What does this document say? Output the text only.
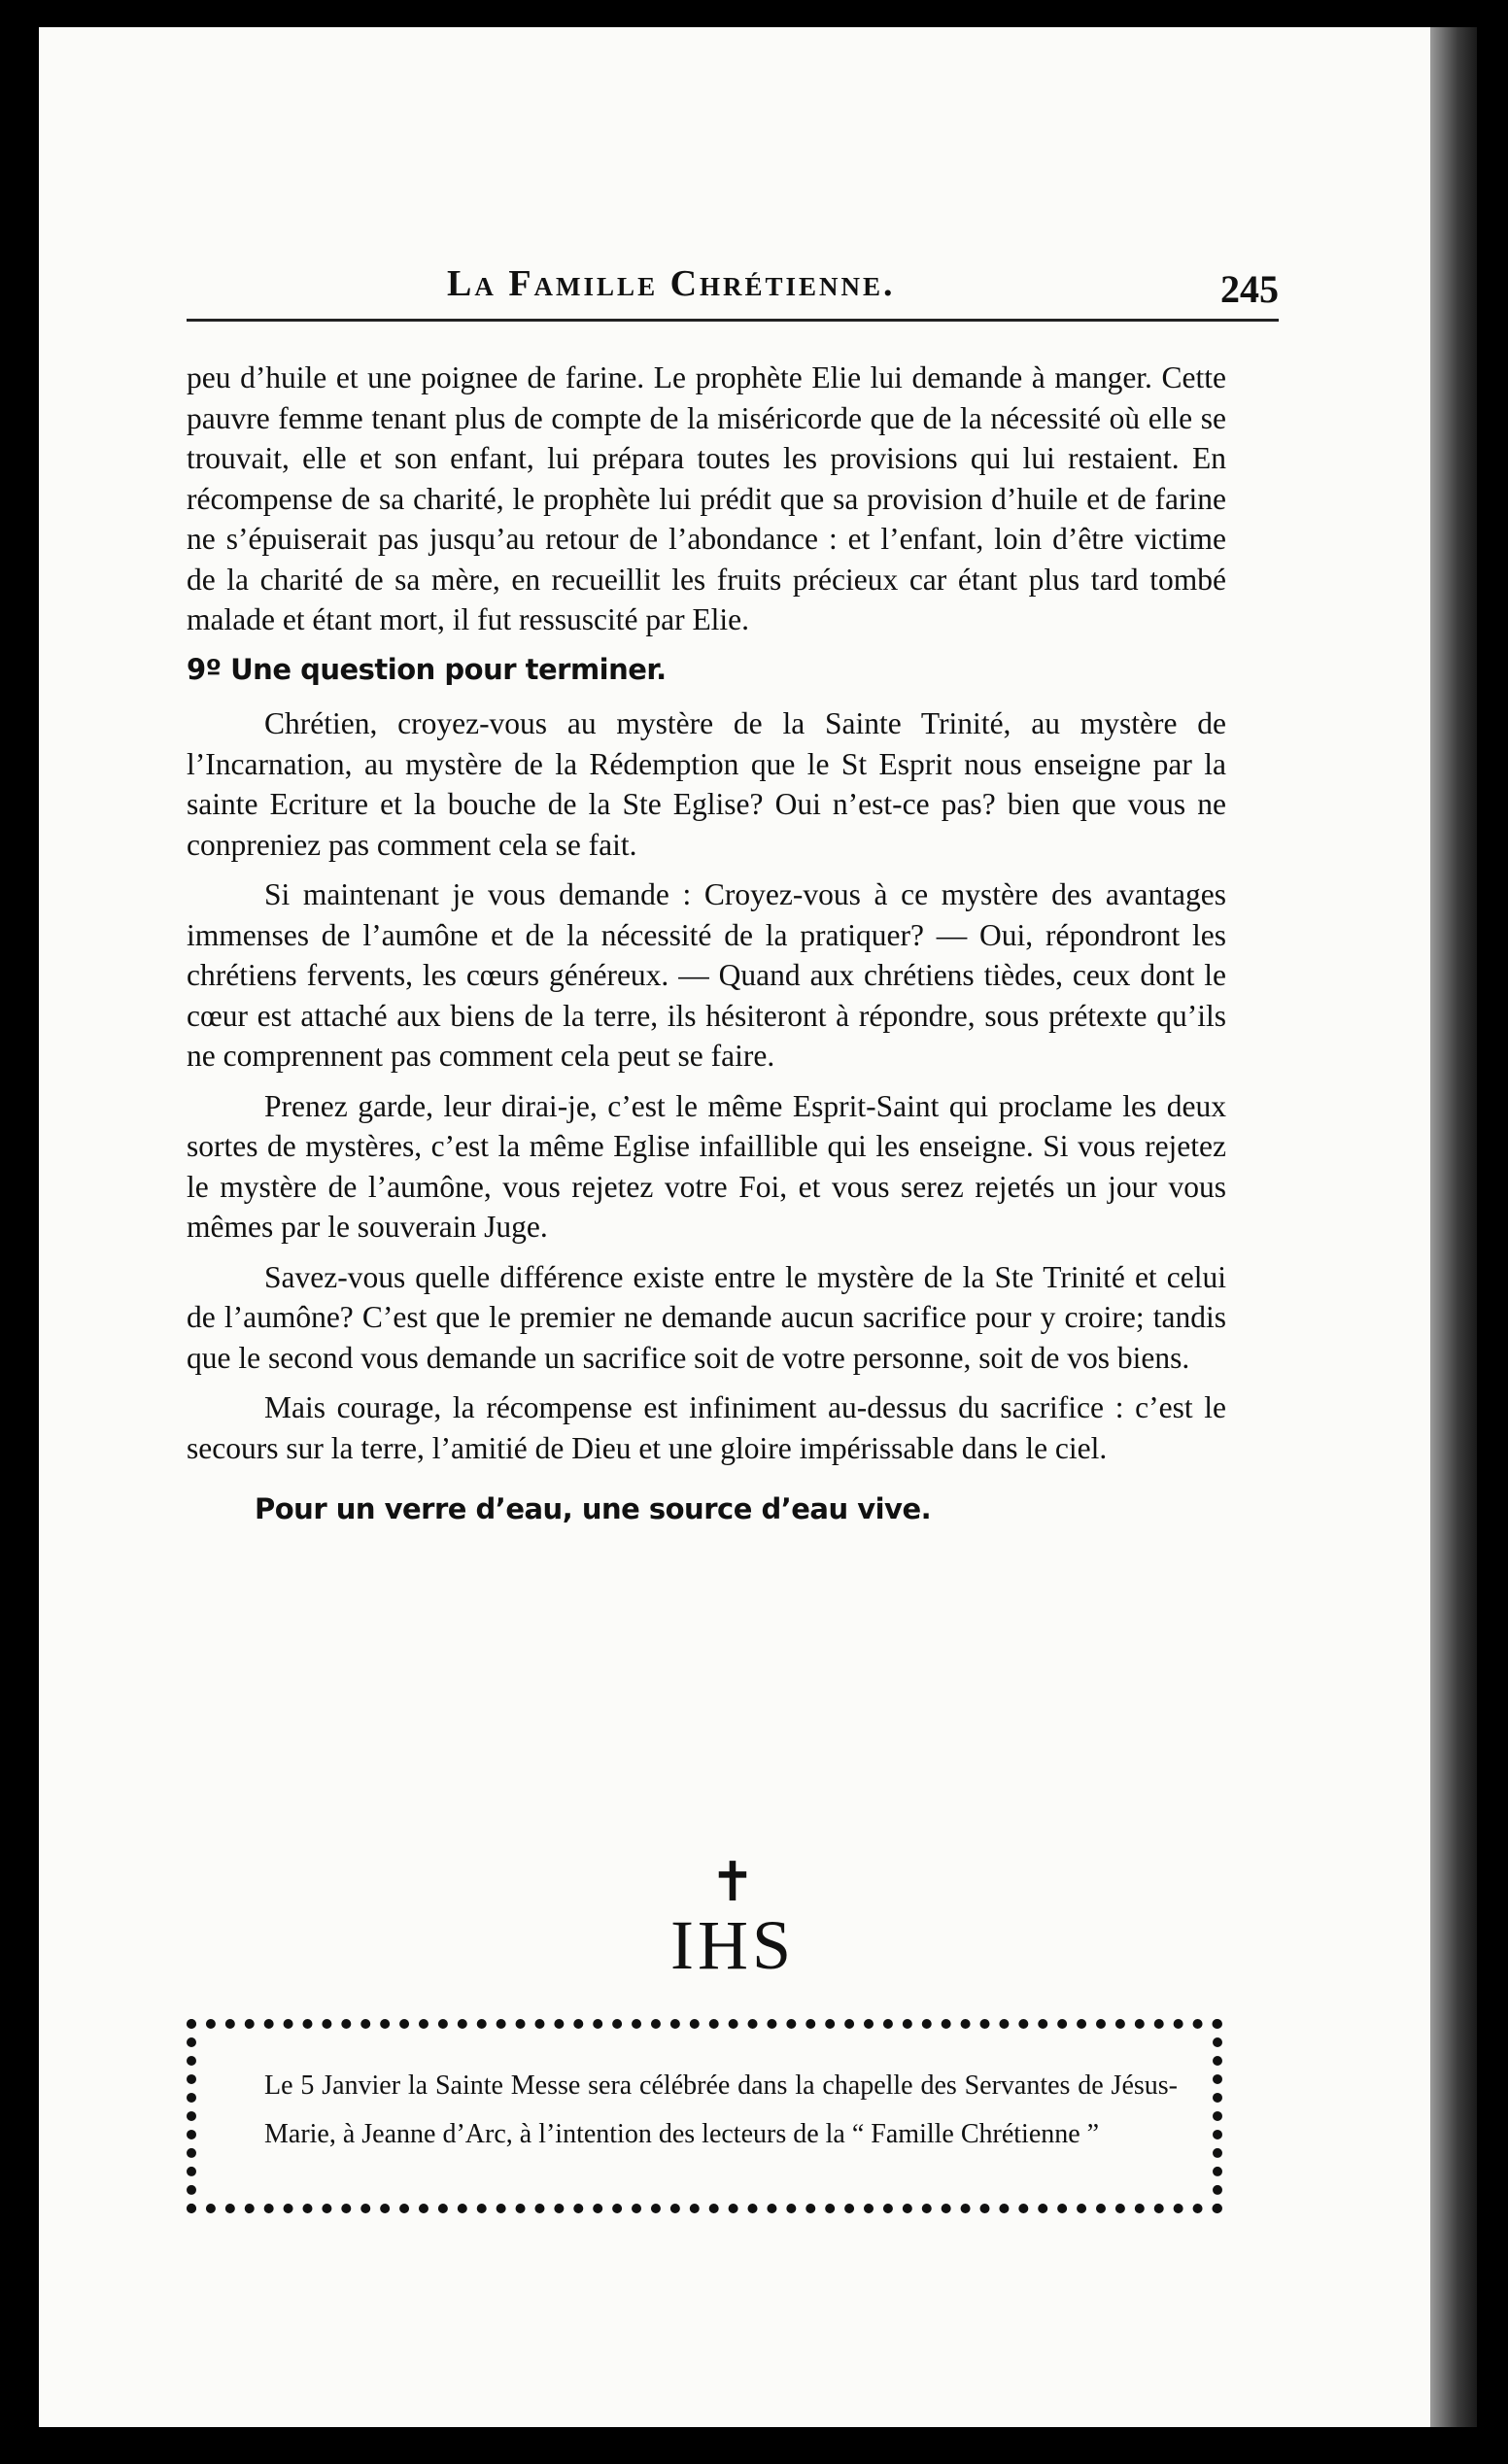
La Famille Chrétienne.	245

peu d’huile et une poignee de farine. Le prophète Elie lui demande à manger. Cette pauvre femme tenant plus de compte de la miséricorde que de la nécessité où elle se trouvait, elle et son enfant, lui prépara toutes les provisions qui lui restaient. En récompense de sa charité, le prophète lui prédit que sa provision d’huile et de farine ne s’épuiserait pas jusqu’au retour de l’abondance : et l’enfant, loin d’être victime de la charité de sa mère, en recueillit les fruits précieux car étant plus tard tombé malade et étant mort, il fut ressuscité par Elie.

9º Une question pour terminer.

Chrétien, croyez-vous au mystère de la Sainte Trinité, au mystère de l’Incarnation, au mystère de la Rédemption que le St Esprit nous enseigne par la sainte Ecriture et la bouche de la Ste Eglise? Oui n’est-ce pas? bien que vous ne conpreniez pas comment cela se fait.

Si maintenant je vous demande : Croyez-vous à ce mystère des avantages immenses de l’aumône et de la nécessité de la pratiquer? — Oui, répondront les chrétiens fervents, les cœurs généreux. — Quand aux chrétiens tièdes, ceux dont le cœur est attaché aux biens de la terre, ils hésiteront à répondre, sous prétexte qu’ils ne comprennent pas comment cela peut se faire.

Prenez garde, leur dirai-je, c’est le même Esprit-Saint qui proclame les deux sortes de mystères, c’est la même Eglise infaillible qui les enseigne. Si vous rejetez le mystère de l’aumône, vous rejetez votre Foi, et vous serez rejetés un jour vous mêmes par le souverain Juge.

Savez-vous quelle différence existe entre le mystère de la Ste Trinité et celui de l’aumône? C’est que le premier ne demande aucun sacrifice pour y croire; tandis que le second vous demande un sacrifice soit de votre personne, soit de vos biens.

Mais courage, la récompense est infiniment au-dessus du sacrifice : c’est le secours sur la terre, l’amitié de Dieu et une gloire impérissable dans le ciel.

Pour un verre d’eau, une source d’eau vive.
✝
IHS
Le 5 Janvier la Sainte Messe sera célébrée dans la chapelle des Servantes de Jésus-Marie, à Jeanne d’Arc, à l’intention des lecteurs de la “ Famille Chrétienne ”
